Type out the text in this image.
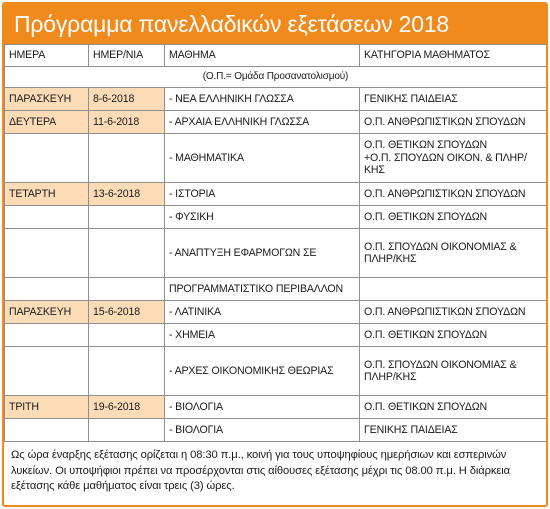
Πρόγραμμα πανελλαδικών εξετάσεων 2018
ΗΜΕΡΑ	ΗΜΕΡ/ΝΙΑ	ΜΑΘΗΜΑ	ΚΑΤΗΓΟΡΙΑ ΜΑΘΗΜΑΤΟΣ
(Ο.Π.= Ομάδα Προσανατολισμού)			
ΠΑΡΑΣΚΕΥΗ	8-6-2018	- ΝΕΑ ΕΛΛΗΝΙΚΗ ΓΛΩΣΣΑ	ΓΕΝΙΚΗΣ ΠΑΙΔΕΙΑΣ
ΔΕΥΤΕΡΑ	11-6-2018	- ΑΡΧΑΙΑ ΕΛΛΗΝΙΚΗ ΓΛΩΣΣΑ	Ο.Π. ΑΝΘΡΩΠΙΣΤΙΚΩΝ ΣΠΟΥΔΩΝ
		- ΜΑΘΗΜΑΤΙΚΑ	Ο.Π. ΘΕΤΙΚΩΝ ΣΠΟΥΔΩΝ
+Ο.Π. ΣΠΟΥΔΩΝ ΟΙΚΟΝ. & ΠΛΗΡ/
ΚΗΣ
ΤΕΤΑΡΤΗ	13-6-2018	- ΙΣΤΟΡΙΑ	Ο.Π. ΑΝΘΡΩΠΙΣΤΙΚΩΝ ΣΠΟΥΔΩΝ
		- ΦΥΣΙΚΗ	Ο.Π. ΘΕΤΙΚΩΝ ΣΠΟΥΔΩΝ
		- ΑΝΑΠΤΥΞΗ ΕΦΑΡΜΟΓΩΝ ΣΕ	Ο.Π. ΣΠΟΥΔΩΝ ΟΙΚΟΝΟΜΙΑΣ &
ΠΛΗΡ/ΚΗΣ
		ΠΡΟΓΡΑΜΜΑΤΙΣΤΙΚΟ ΠΕΡΙΒΑΛΛΟΝ	
ΠΑΡΑΣΚΕΥΗ	15-6-2018	- ΛΑΤΙΝΙΚΑ	Ο.Π. ΑΝΘΡΩΠΙΣΤΙΚΩΝ ΣΠΟΥΔΩΝ
		- ΧΗΜΕΙΑ	Ο.Π. ΘΕΤΙΚΩΝ ΣΠΟΥΔΩΝ
		- ΑΡΧΕΣ ΟΙΚΟΝΟΜΙΚΗΣ ΘΕΩΡΙΑΣ	Ο.Π. ΣΠΟΥΔΩΝ ΟΙΚΟΝΟΜΙΑΣ &
ΠΛΗΡ/ΚΗΣ
ΤΡΙΤΗ	19-6-2018	- ΒΙΟΛΟΓΙΑ	Ο.Π. ΘΕΤΙΚΩΝ ΣΠΟΥΔΩΝ
		- ΒΙΟΛΟΓΙΑ	ΓΕΝΙΚΗΣ ΠΑΙΔΕΙΑΣ
Ως ώρα έναρξης εξέτασης ορίζεται η 08:30 π.μ., κοινή για τους υποψηφίους ημερήσιων και εσπερινών λυκείων. Οι υποψήφιοι πρέπει να προσέρχονται στις αίθουσες εξέτασης μέχρι τις 08.00 π.μ. Η διάρκεια εξέτασης κάθε μαθήματος είναι τρεις (3) ώρες.
